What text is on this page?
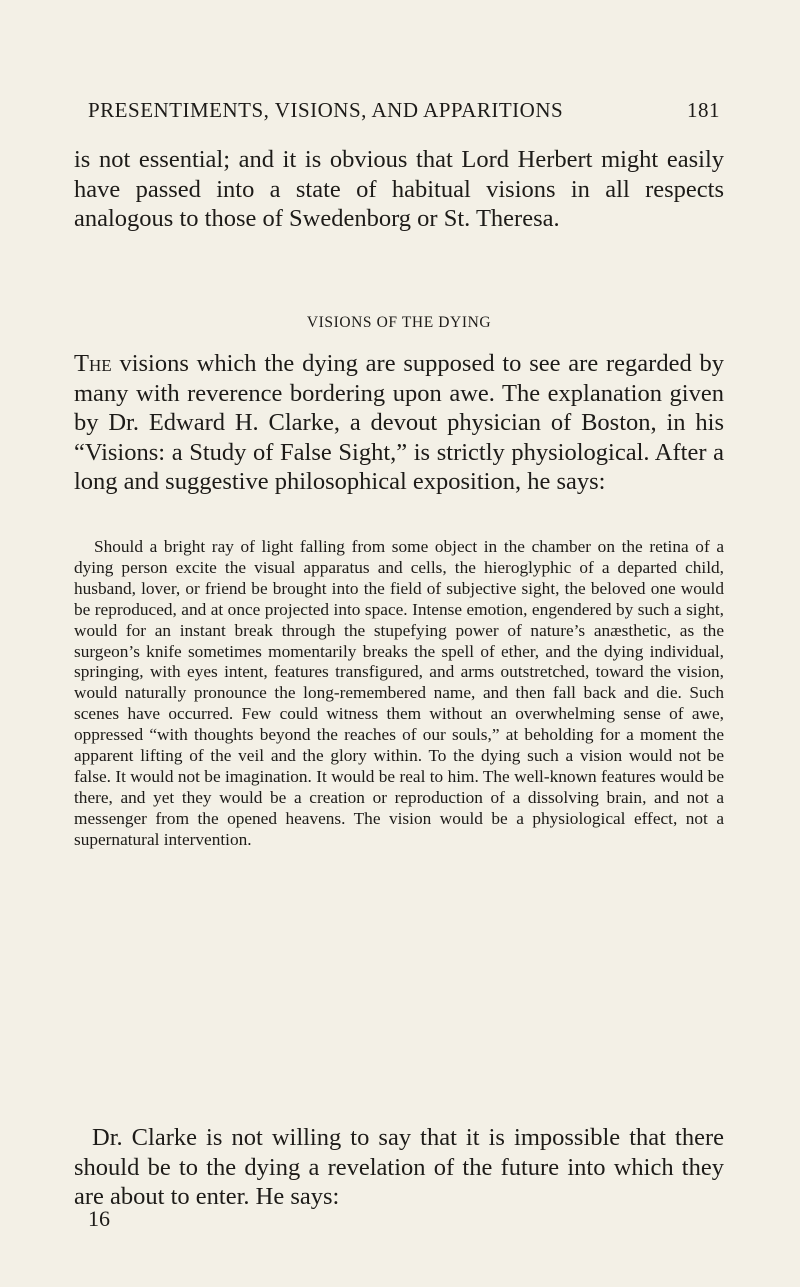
PRESENTIMENTS, VISIONS, AND APPARITIONS	181

is not essential; and it is obvious that Lord Herbert might easily have passed into a state of habitual visions in all respects analogous to those of Swedenborg or St. Theresa.

VISIONS OF THE DYING

The visions which the dying are supposed to see are regarded by many with reverence bordering upon awe. The explanation given by Dr. Edward H. Clarke, a devout physician of Boston, in his “Visions: a Study of False Sight,” is strictly physiological. After a long and suggestive philosophical exposition, he says:

Should a bright ray of light falling from some object in the chamber on the retina of a dying person excite the visual apparatus and cells, the hieroglyphic of a departed child, husband, lover, or friend be brought into the field of subjective sight, the beloved one would be reproduced, and at once projected into space. Intense emotion, engendered by such a sight, would for an instant break through the stupefying power of nature’s anæsthetic, as the surgeon’s knife sometimes momentarily breaks the spell of ether, and the dying individual, springing, with eyes intent, features transfigured, and arms outstretched, toward the vision, would naturally pronounce the long-remembered name, and then fall back and die. Such scenes have occurred. Few could witness them without an overwhelming sense of awe, oppressed “with thoughts beyond the reaches of our souls,” at beholding for a moment the apparent lifting of the veil and the glory within. To the dying such a vision would not be false. It would not be imagination. It would be real to him. The well-known features would be there, and yet they would be a creation or reproduction of a dissolving brain, and not a messenger from the opened heavens. The vision would be a physiological effect, not a supernatural intervention.

Dr. Clarke is not willing to say that it is impossible that there should be to the dying a revelation of the future into which they are about to enter. He says:

16
